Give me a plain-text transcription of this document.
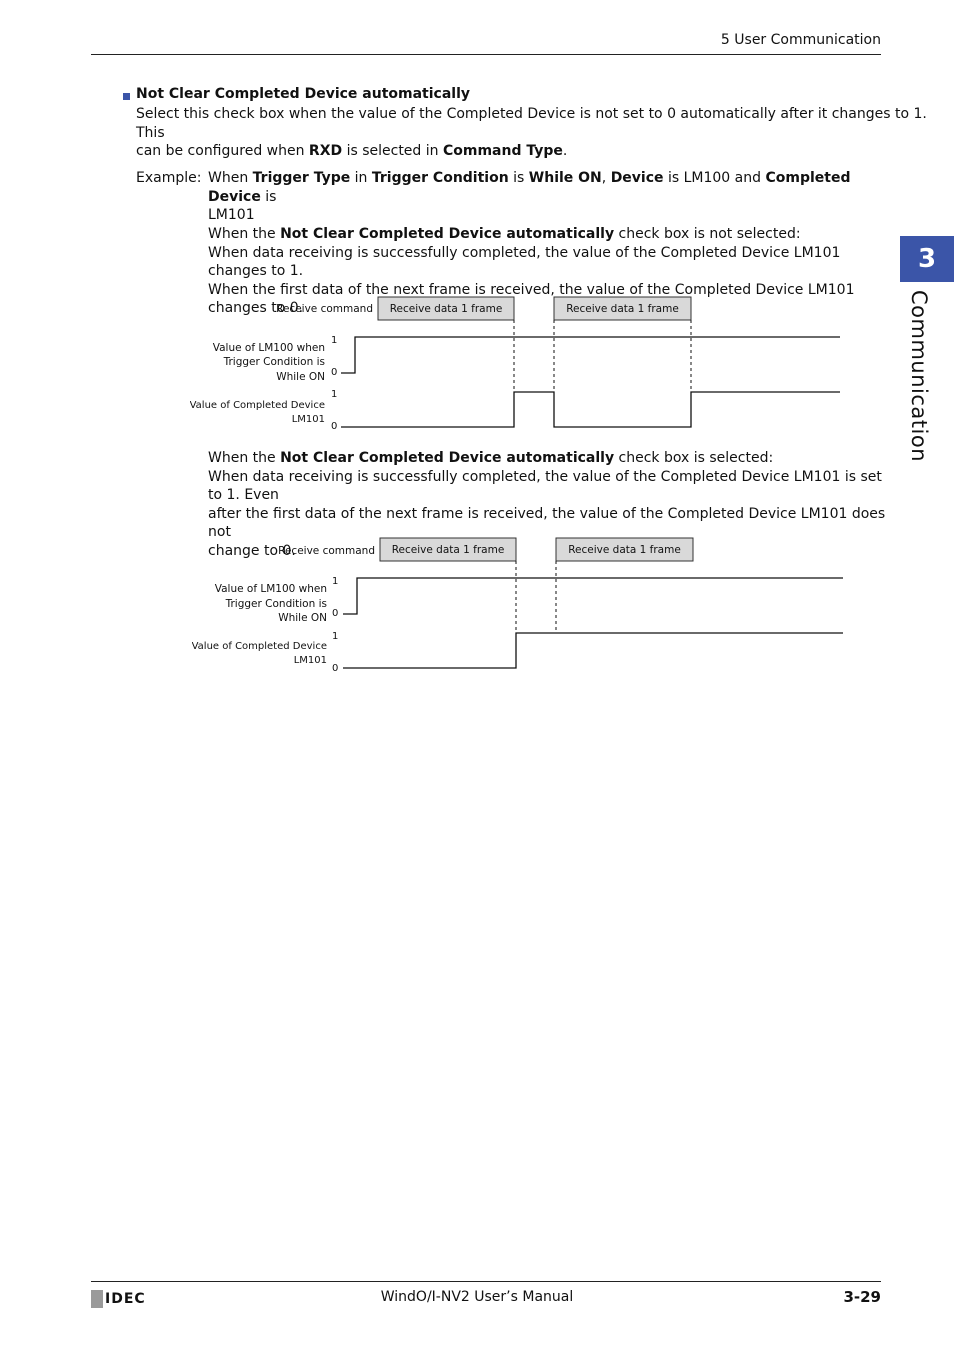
5 User Communication
3
Communication
Not Clear Completed Device automatically
Select this check box when the value of the Completed Device is not set to 0 automatically after it changes to 1. This
can be configured when RXD is selected in Command Type.
Example: When Trigger Type in Trigger Condition is While ON, Device is LM100 and Completed Device is
LM101
When the Not Clear Completed Device automatically check box is not selected:
When data receiving is successfully completed, the value of the Completed Device LM101 changes to 1.
When the first data of the next frame is received, the value of the Completed Device LM101 changes to 0.
Receive command Receive data 1 frame	Receive data 1 frame
Value of LM100 when
Trigger Condition is
While ON
1
0
Value of Completed Device
LM101
1
0
When the Not Clear Completed Device automatically check box is selected:
When data receiving is successfully completed, the value of the Completed Device LM101 is set to 1. Even
after the first data of the next frame is received, the value of the Completed Device LM101 does not
change to 0.
Receive command Receive data 1 frame	Receive data 1 frame
Value of LM100 when
Trigger Condition is
While ON
1
0
Value of Completed Device
LM101
1
0
IDEC	WindO/I-NV2 User’s Manual	3-29
